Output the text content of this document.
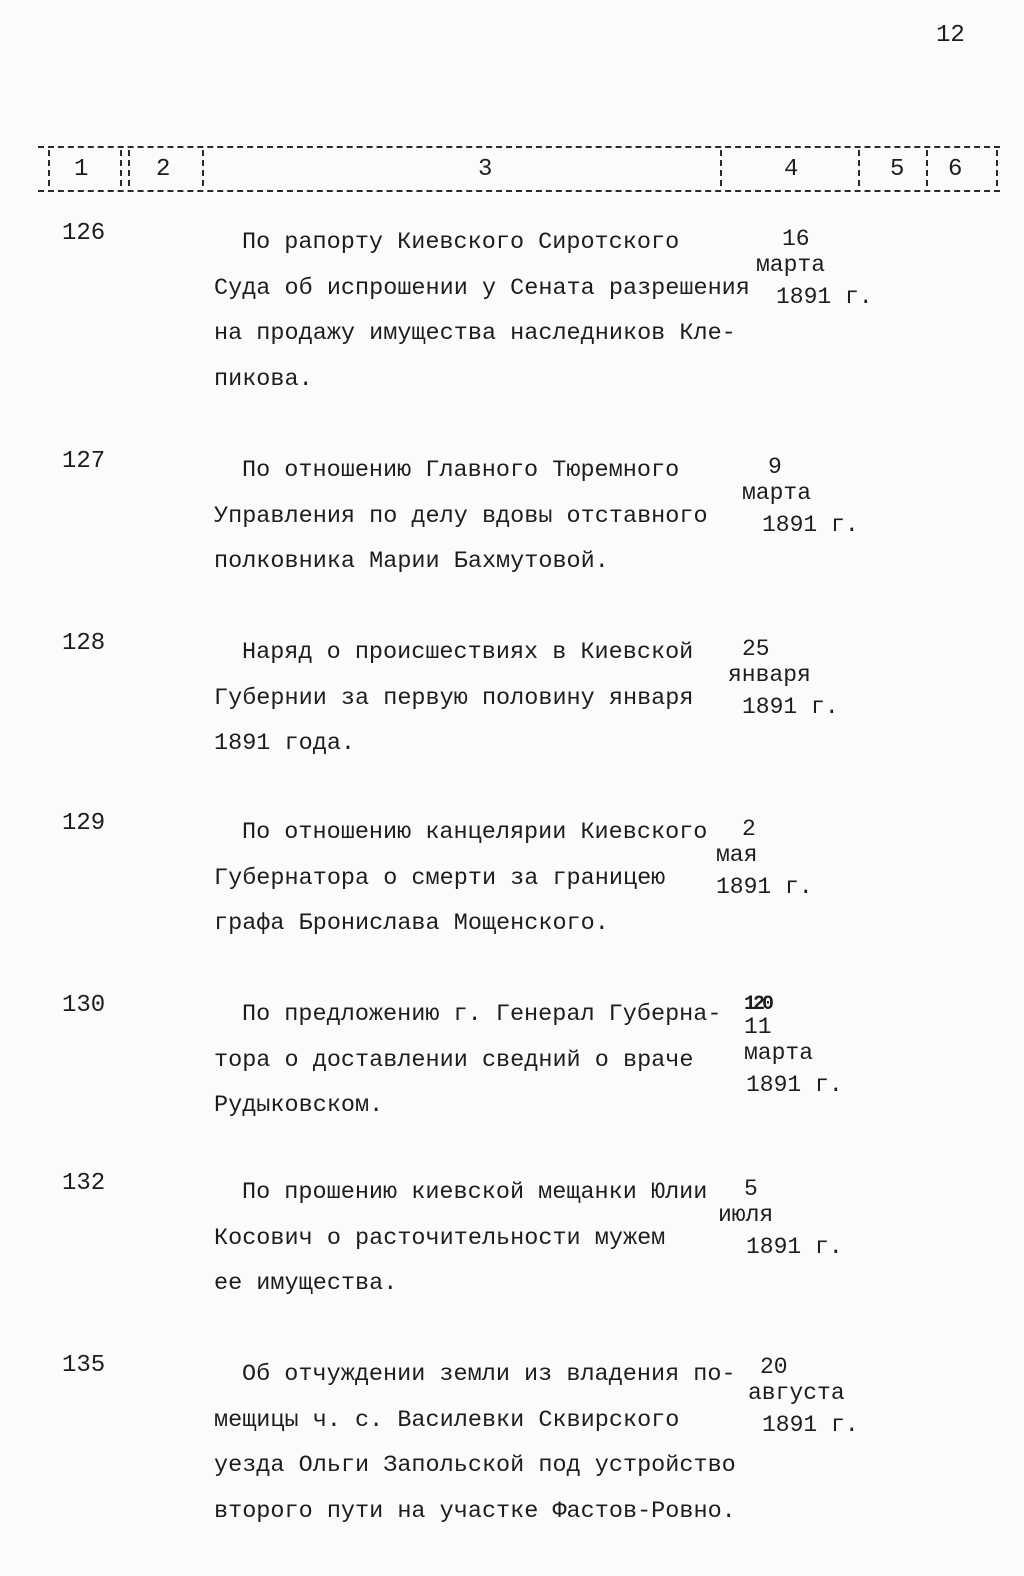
12
1	2	3	4	5 6
126	По рапорту Киевского Сиротского
Суда об испрошении у Сената разрешения
на продажу имущества наследников Кле-
пикова.
16
марта
1891 г.
127	По отношению Главного Тюремного
Управления по делу вдовы отставного
полковника Марии Бахмутовой.
9
марта
1891 г.
128	Наряд о происшествиях в Киевской
Губернии за первую половину января
1891 года.
25
января
1891 г.
129	По отношению канцелярии Киевского
Губернатора о смерти за границею
графа Бронислава Мощенского.
2
мая
1891 г.
130	По предложению г. Генерал Губерна-
тора о доставлении сведний о враче
Рудыковском.
120
11
марта
1891 г.
132	По прошению киевской мещанки Юлии
Косович о расточительности мужем
ее имущества.
5
июля
1891 г.
135	Об отчуждении земли из владения по-
мещицы ч. с. Василевки Сквирского
уезда Ольги Запольской под устройство
второго пути на участке Фастов-Ровно.
20
августа
1891 г.
